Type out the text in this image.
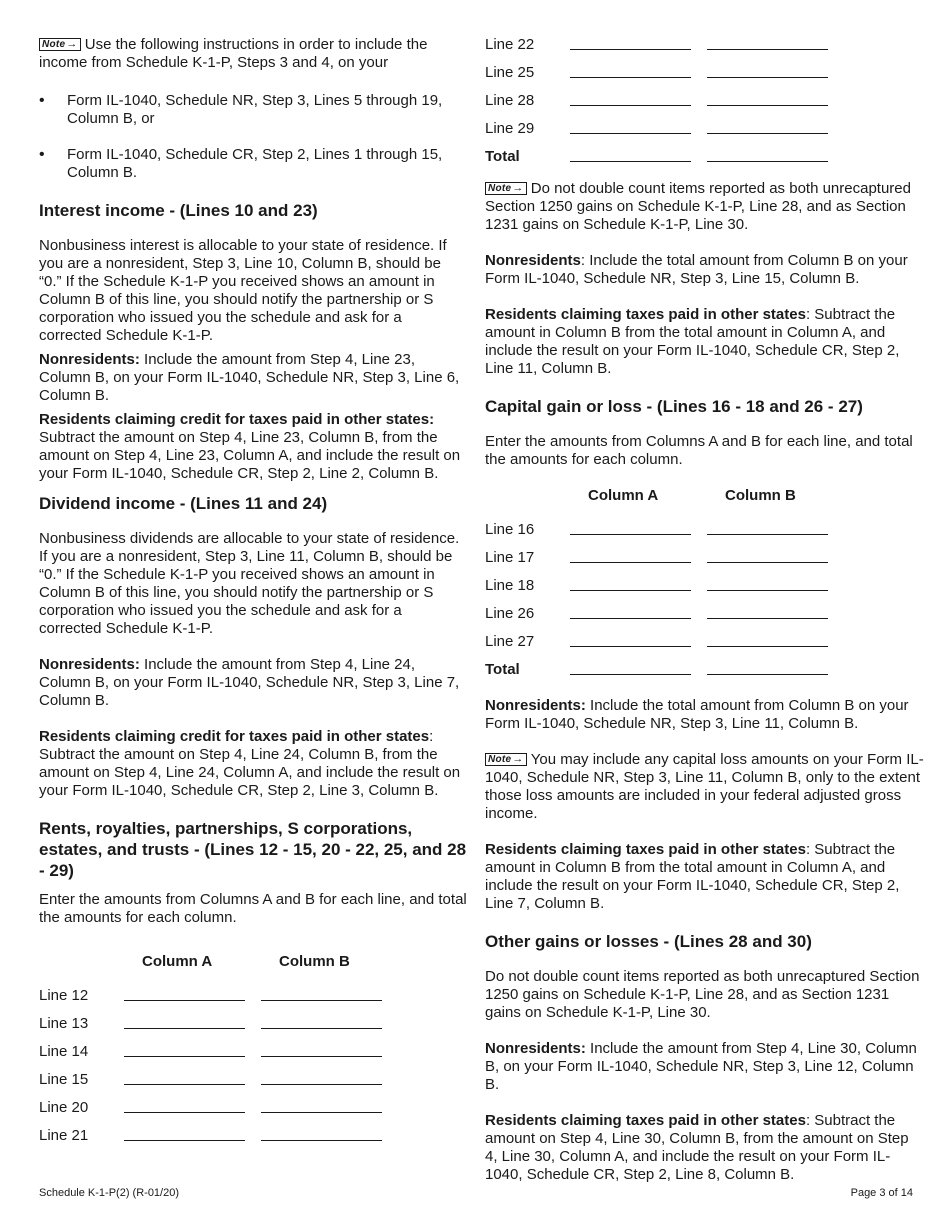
Note→ Use the following instructions in order to include the income from Schedule K-1-P, Steps 3 and 4, on your

• Form IL-1040, Schedule NR, Step 3, Lines 5 through 19, Column B, or
• Form IL-1040, Schedule CR, Step 2, Lines 1 through 15, Column B.
Interest income - (Lines 10 and 23)

Nonbusiness interest is allocable to your state of residence. If you are a nonresident, Step 3, Line 10, Column B, should be “0.” If the Schedule K-1-P you received shows an amount in Column B of this line, you should notify the partnership or S corporation who issued you the schedule and ask for a corrected Schedule K-1-P.

Nonresidents: Include the amount from Step 4, Line 23, Column B, on your Form IL-1040, Schedule NR, Step 3, Line 6, Column B.

Residents claiming credit for taxes paid in other states: Subtract the amount on Step 4, Line 23, Column B, from the amount on Step 4, Line 23, Column A, and include the result on your Form IL-1040, Schedule CR, Step 2, Line 2, Column B.

Dividend income - (Lines 11 and 24)

Nonbusiness dividends are allocable to your state of residence. If you are a nonresident, Step 3, Line 11, Column B, should be “0.” If the Schedule K-1-P you received shows an amount in Column B of this line, you should notify the partnership or S corporation who issued you the schedule and ask for a corrected Schedule K-1-P.

Nonresidents: Include the amount from Step 4, Line 24, Column B, on your Form IL-1040, Schedule NR, Step 3, Line 7, Column B.

Residents claiming credit for taxes paid in other states: Subtract the amount on Step 4, Line 24, Column B, from the amount on Step 4, Line 24, Column A, and include the result on your Form IL-1040, Schedule CR, Step 2, Line 3, Column B.

Rents, royalties, partnerships, S corporations, estates, and trusts - (Lines 12 - 15, 20 - 22, 25, and 28 - 29)

Enter the amounts from Columns A and B for each line, and total the amounts for each column.

Column A	Column B
Line 12
Line 13
Line 14
Line 15
Line 20
Line 21
Line 22
Line 25
Line 28
Line 29
Total

Note→ Do not double count items reported as both unrecaptured Section 1250 gains on Schedule K-1-P, Line 28, and as Section 1231 gains on Schedule K-1-P, Line 30.

Nonresidents: Include the total amount from Column B on your Form IL-1040, Schedule NR, Step 3, Line 15, Column B.

Residents claiming taxes paid in other states: Subtract the amount in Column B from the total amount in Column A, and include the result on your Form IL-1040, Schedule CR, Step 2, Line 11, Column B.

Capital gain or loss - (Lines 16 - 18 and 26 - 27)

Enter the amounts from Columns A and B for each line, and total the amounts for each column.

Column A	Column B
Line 16
Line 17
Line 18
Line 26
Line 27
Total

Nonresidents: Include the total amount from Column B on your Form IL-1040, Schedule NR, Step 3, Line 11, Column B.

Note→ You may include any capital loss amounts on your Form IL-1040, Schedule NR, Step 3, Line 11, Column B, only to the extent those loss amounts are included in your federal adjusted gross income.

Residents claiming taxes paid in other states: Subtract the amount in Column B from the total amount in Column A, and include the result on your Form IL-1040, Schedule CR, Step 2, Line 7, Column B.

Other gains or losses - (Lines 28 and 30)

Do not double count items reported as both unrecaptured Section 1250 gains on Schedule K-1-P, Line 28, and as Section 1231 gains on Schedule K-1-P, Line 30.

Nonresidents: Include the amount from Step 4, Line 30, Column B, on your Form IL-1040, Schedule NR, Step 3, Line 12, Column B.

Residents claiming taxes paid in other states: Subtract the amount on Step 4, Line 30, Column B, from the amount on Step 4, Line 30, Column A, and include the result on your Form IL-1040, Schedule CR, Step 2, Line 8, Column B.

Schedule K-1-P(2) (R-01/20)	Page 3 of 14
